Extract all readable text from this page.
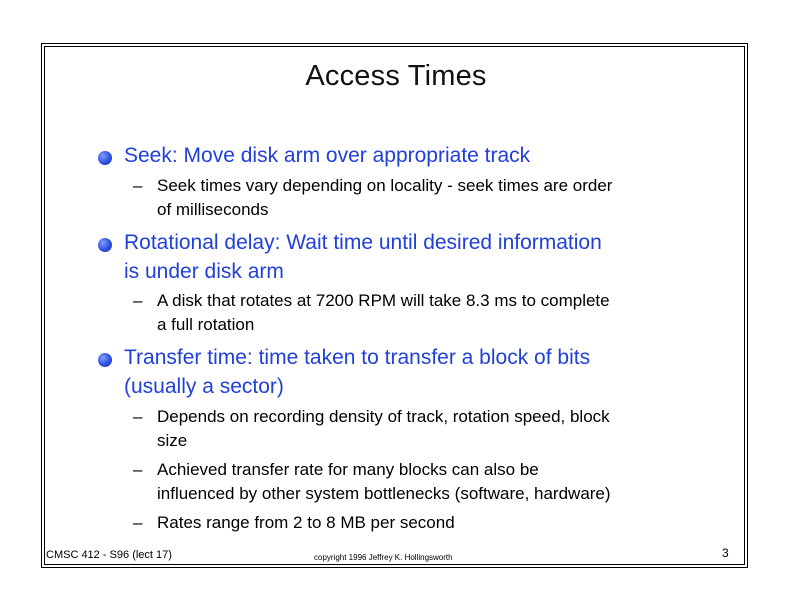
Access Times
Seek: Move disk arm over appropriate track
– Seek times vary depending on locality - seek times are order
of milliseconds
Rotational delay: Wait time until desired information
is under disk arm
– A disk that rotates at 7200 RPM will take 8.3 ms to complete
a full rotation
Transfer time: time taken to transfer a block of bits
(usually a sector)
– Depends on recording density of track, rotation speed, block
size
– Achieved transfer rate for many blocks can also be
influenced by other system bottlenecks (software, hardware)
– Rates range from 2 to 8 MB per second
CMSC 412 - S96 (lect 17)	copyright 1996 Jeffrey K. Hollingsworth	3
